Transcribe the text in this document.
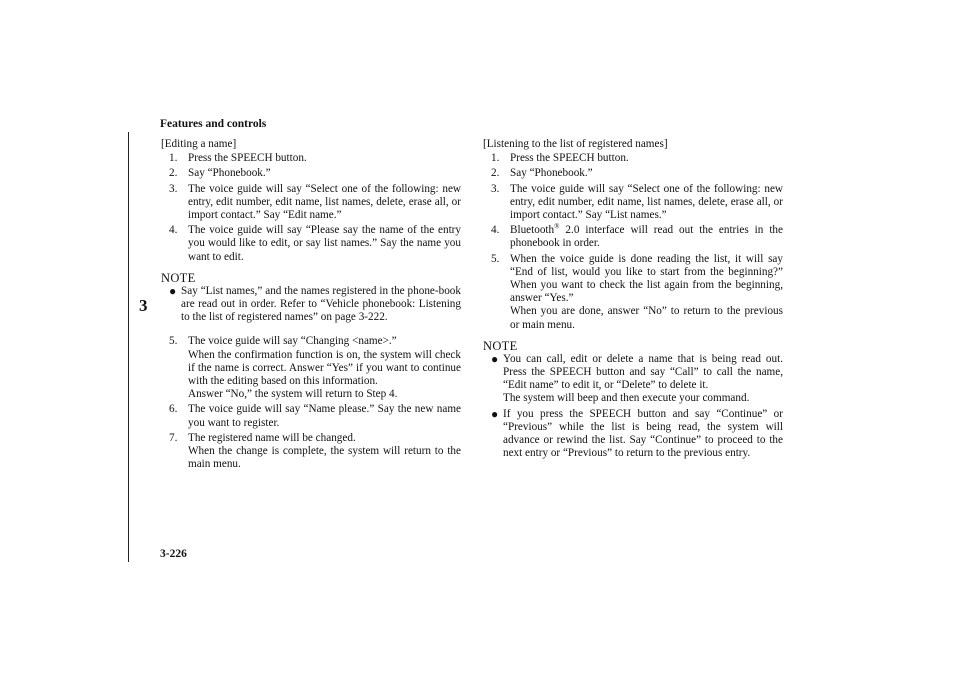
Features and controls
3
[Editing a name]
1. Press the SPEECH button.
2. Say “Phonebook.”
3. The voice guide will say “Select one of the following: new entry, edit number, edit name, list names, delete, erase all, or import contact.” Say “Edit name.”
4. The voice guide will say “Please say the name of the entry you would like to edit, or say list names.” Say the name you want to edit.
NOTE
● Say “List names,” and the names registered in the phone-book are read out in order. Refer to “Vehicle phonebook: Listening to the list of registered names” on page 3-222.
5. The voice guide will say “Changing <name>.”
When the confirmation function is on, the system will check if the name is correct. Answer “Yes” if you want to continue with the editing based on this information.
Answer “No,” the system will return to Step 4.
6. The voice guide will say “Name please.” Say the new name you want to register.
7. The registered name will be changed.
When the change is complete, the system will return to the main menu.
[Listening to the list of registered names]
1. Press the SPEECH button.
2. Say “Phonebook.”
3. The voice guide will say “Select one of the following: new entry, edit number, edit name, list names, delete, erase all, or import contact.” Say “List names.”
4. Bluetooth® 2.0 interface will read out the entries in the phonebook in order.
5. When the voice guide is done reading the list, it will say “End of list, would you like to start from the beginning?” When you want to check the list again from the beginning, answer “Yes.”
When you are done, answer “No” to return to the previous or main menu.
NOTE
● You can call, edit or delete a name that is being read out. Press the SPEECH button and say “Call” to call the name, “Edit name” to edit it, or “Delete” to delete it.
The system will beep and then execute your command.
● If you press the SPEECH button and say “Continue” or “Previous” while the list is being read, the system will advance or rewind the list. Say “Continue” to proceed to the next entry or “Previous” to return to the previous entry.
3-226
